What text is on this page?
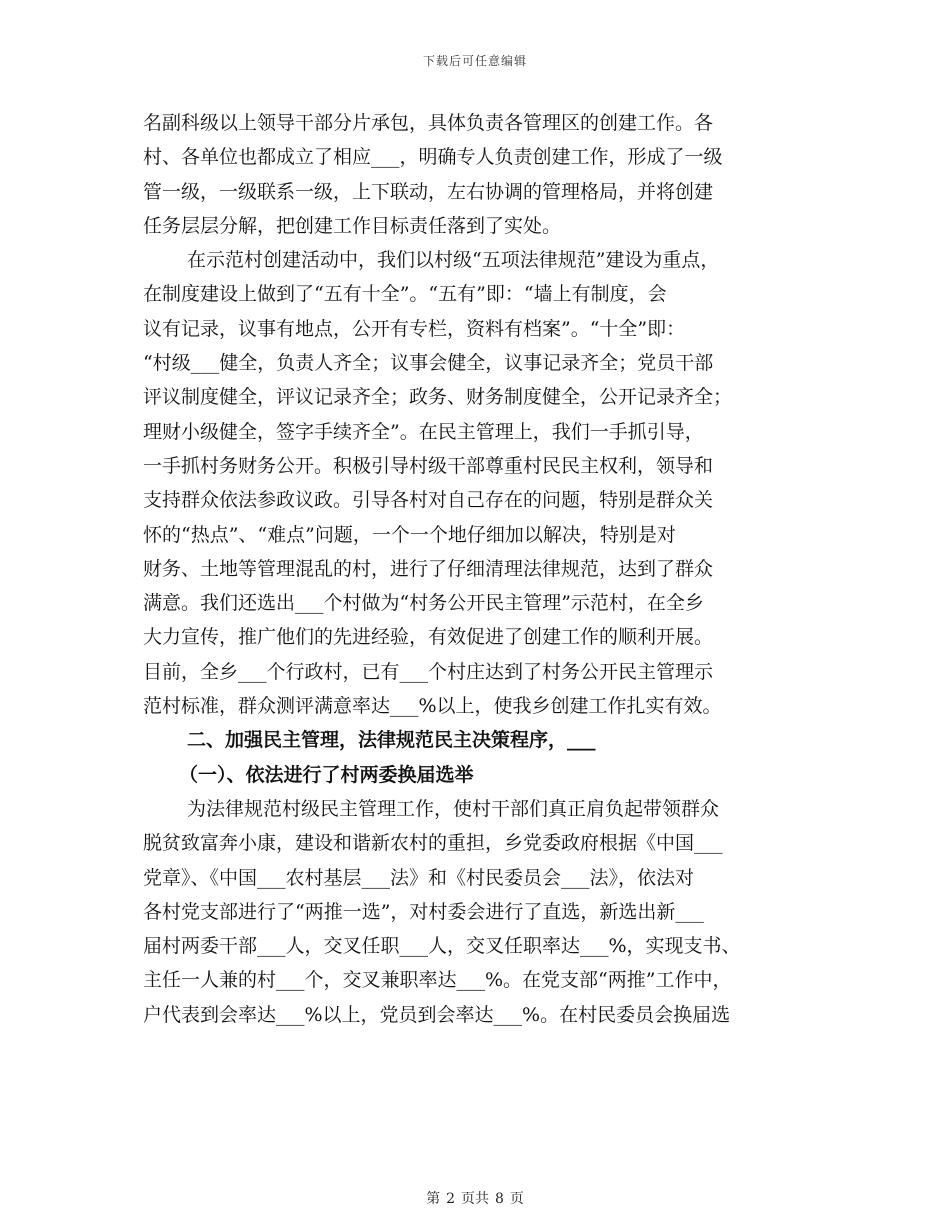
下载后可任意编辑
名副科级以上领导干部分片承包，具体负责各管理区的创建工作。各
村、各单位也都成立了相应___，明确专人负责创建工作，形成了一级
管一级，一级联系一级，上下联动，左右协调的管理格局，并将创建
任务层层分解，把创建工作目标责任落到了实处。
在示范村创建活动中，我们以村级“五项法律规范”建设为重点，
在制度建设上做到了“五有十全”。“五有”即：“墙上有制度，会
议有记录，议事有地点，公开有专栏，资料有档案”。“十全”即：
“村级___健全，负责人齐全；议事会健全，议事记录齐全；党员干部
评议制度健全，评议记录齐全；政务、财务制度健全，公开记录齐全；
理财小级健全，签字手续齐全”。在民主管理上，我们一手抓引导，
一手抓村务财务公开。积极引导村级干部尊重村民民主权利，领导和
支持群众依法参政议政。引导各村对自己存在的问题，特别是群众关
怀的“热点”、“难点”问题，一个一个地仔细加以解决，特别是对
财务、土地等管理混乱的村，进行了仔细清理法律规范，达到了群众
满意。我们还选出___个村做为“村务公开民主管理”示范村，在全乡
大力宣传，推广他们的先进经验，有效促进了创建工作的顺利开展。
目前，全乡___个行政村，已有___个村庄达到了村务公开民主管理示
范村标准，群众测评满意率达___%以上，使我乡创建工作扎实有效。
二、加强民主管理，法律规范民主决策程序，___
（一）、依法进行了村两委换届选举
为法律规范村级民主管理工作，使村干部们真正肩负起带领群众
脱贫致富奔小康，建设和谐新农村的重担，乡党委政府根据《中国___
党章》、《中国___农村基层___法》和《村民委员会___法》，依法对
各村党支部进行了“两推一选”，对村委会进行了直选，新选出新___
届村两委干部___人，交叉任职___人，交叉任职率达___%，实现支书、
主任一人兼的村___个，交叉兼职率达___%。在党支部“两推”工作中，
户代表到会率达___%以上，党员到会率达___%。在村民委员会换届选
第 2 页共 8 页
